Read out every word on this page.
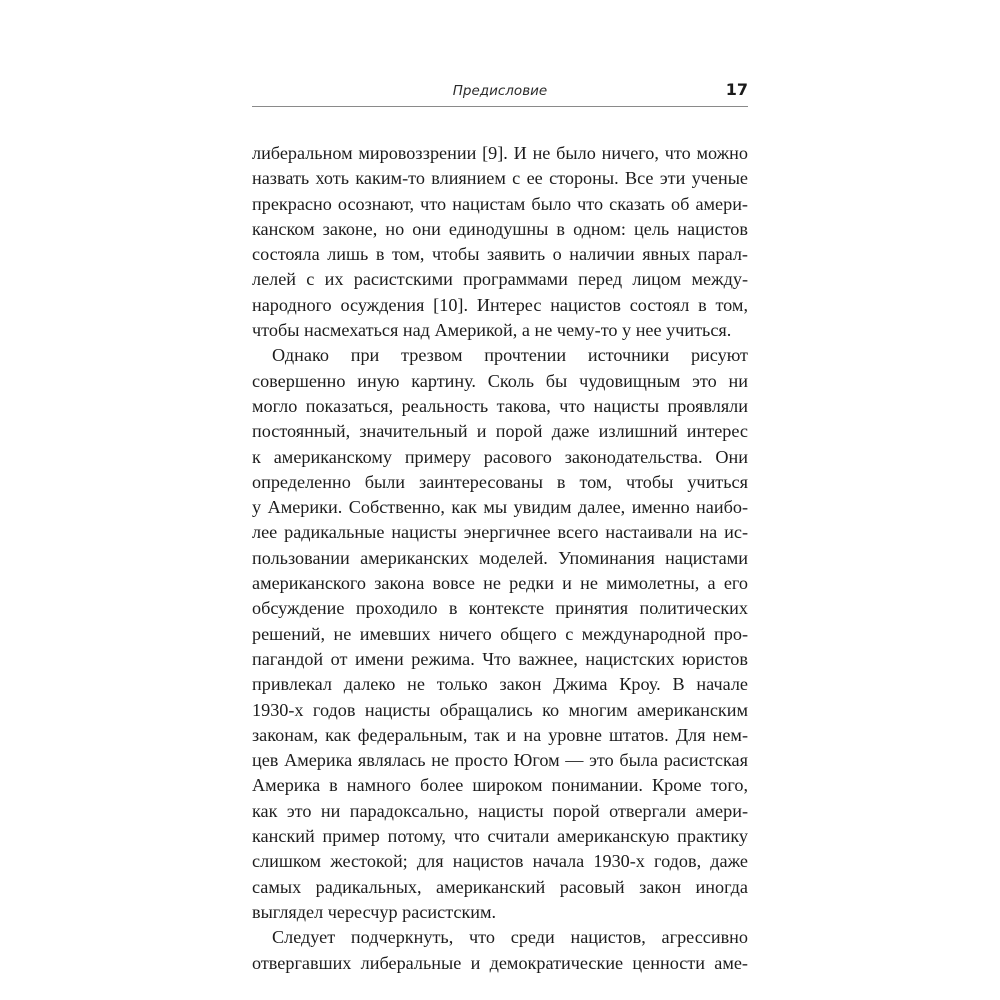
Предисловие	17
либеральном мировоззрении [9]. И не было ничего, что можно
назвать хоть каким-то влиянием с ее стороны. Все эти ученые
прекрасно осознают, что нацистам было что сказать об амери-
канском законе, но они единодушны в одном: цель нацистов
состояла лишь в том, чтобы заявить о наличии явных парал-
лелей с их расистскими программами перед лицом между-
народного осуждения [10]. Интерес нацистов состоял в том,
чтобы насмехаться над Америкой, а не чему-то у нее учиться.
Однако при трезвом прочтении источники рисуют
совершенно иную картину. Сколь бы чудовищным это ни
могло показаться, реальность такова, что нацисты проявляли
постоянный, значительный и порой даже излишний интерес
к американскому примеру расового законодательства. Они
определенно были заинтересованы в том, чтобы учиться
у Америки. Собственно, как мы увидим далее, именно наибо-
лее радикальные нацисты энергичнее всего настаивали на ис-
пользовании американских моделей. Упоминания нацистами
американского закона вовсе не редки и не мимолетны, а его
обсуждение проходило в контексте принятия политических
решений, не имевших ничего общего с международной про-
пагандой от имени режима. Что важнее, нацистских юристов
привлекал далеко не только закон Джима Кроу. В начале
1930-х годов нацисты обращались ко многим американским
законам, как федеральным, так и на уровне штатов. Для нем-
цев Америка являлась не просто Югом — это была расистская
Америка в намного более широком понимании. Кроме того,
как это ни парадоксально, нацисты порой отвергали амери-
канский пример потому, что считали американскую практику
слишком жестокой; для нацистов начала 1930-х годов, даже
самых радикальных, американский расовый закон иногда
выглядел чересчур расистским.
Следует подчеркнуть, что среди нацистов, агрессивно
отвергавших либеральные и демократические ценности аме-
